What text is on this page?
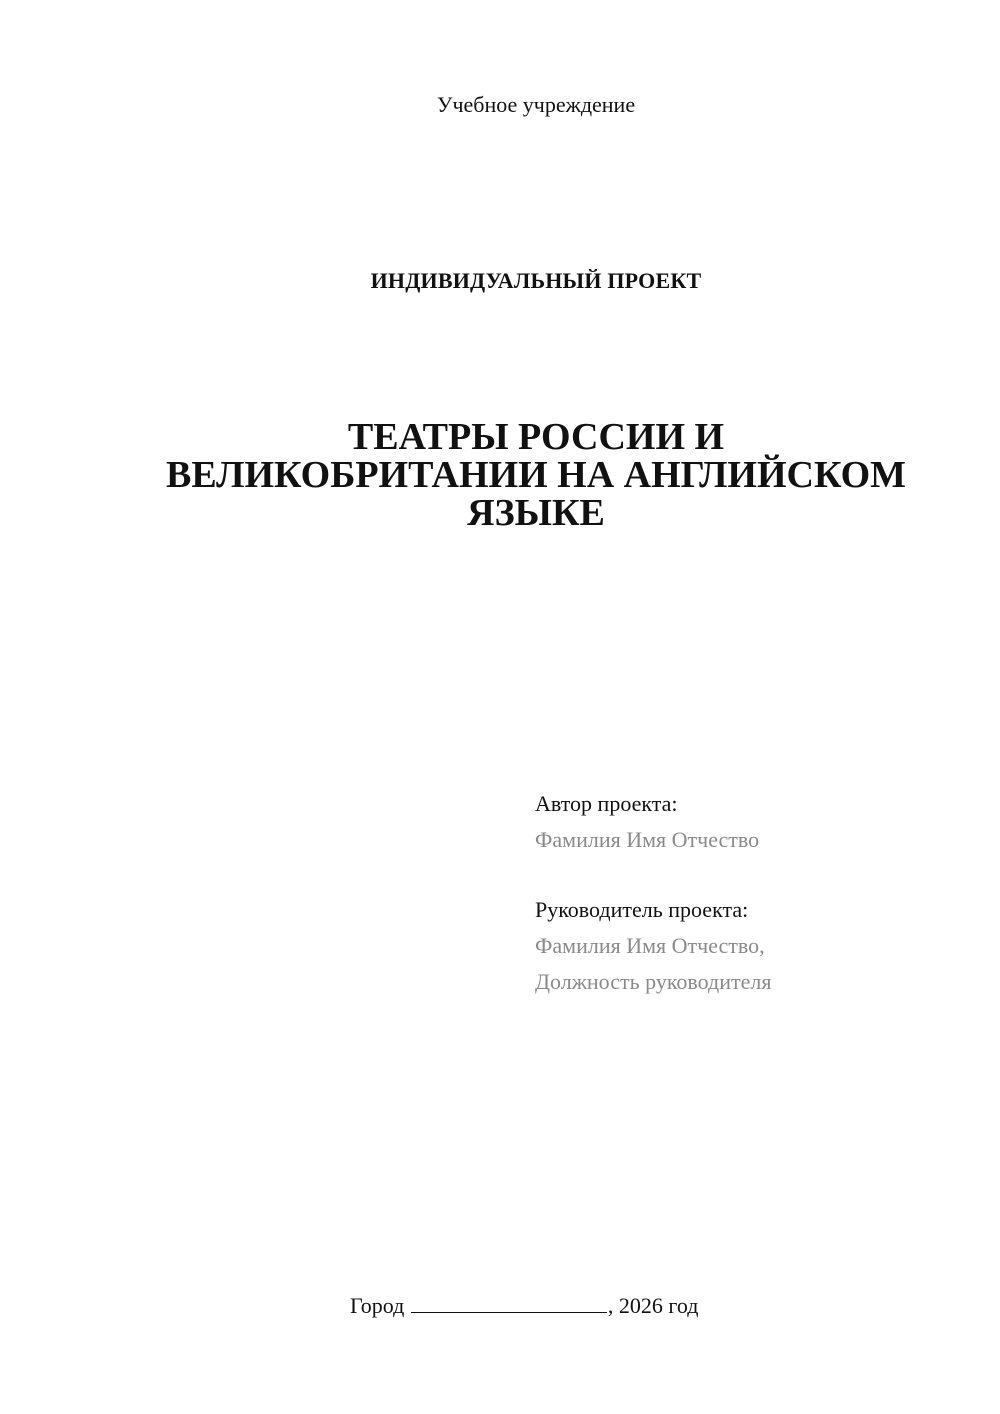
Учебное учреждение
ИНДИВИДУАЛЬНЫЙ ПРОЕКТ
ТЕАТРЫ РОССИИ И
ВЕЛИКОБРИТАНИИ НА АНГЛИЙСКОМ
ЯЗЫКЕ
Автор проекта:
Фамилия Имя Отчество
Руководитель проекта:
Фамилия Имя Отчество,
Должность руководителя
Город	, 2026 год
